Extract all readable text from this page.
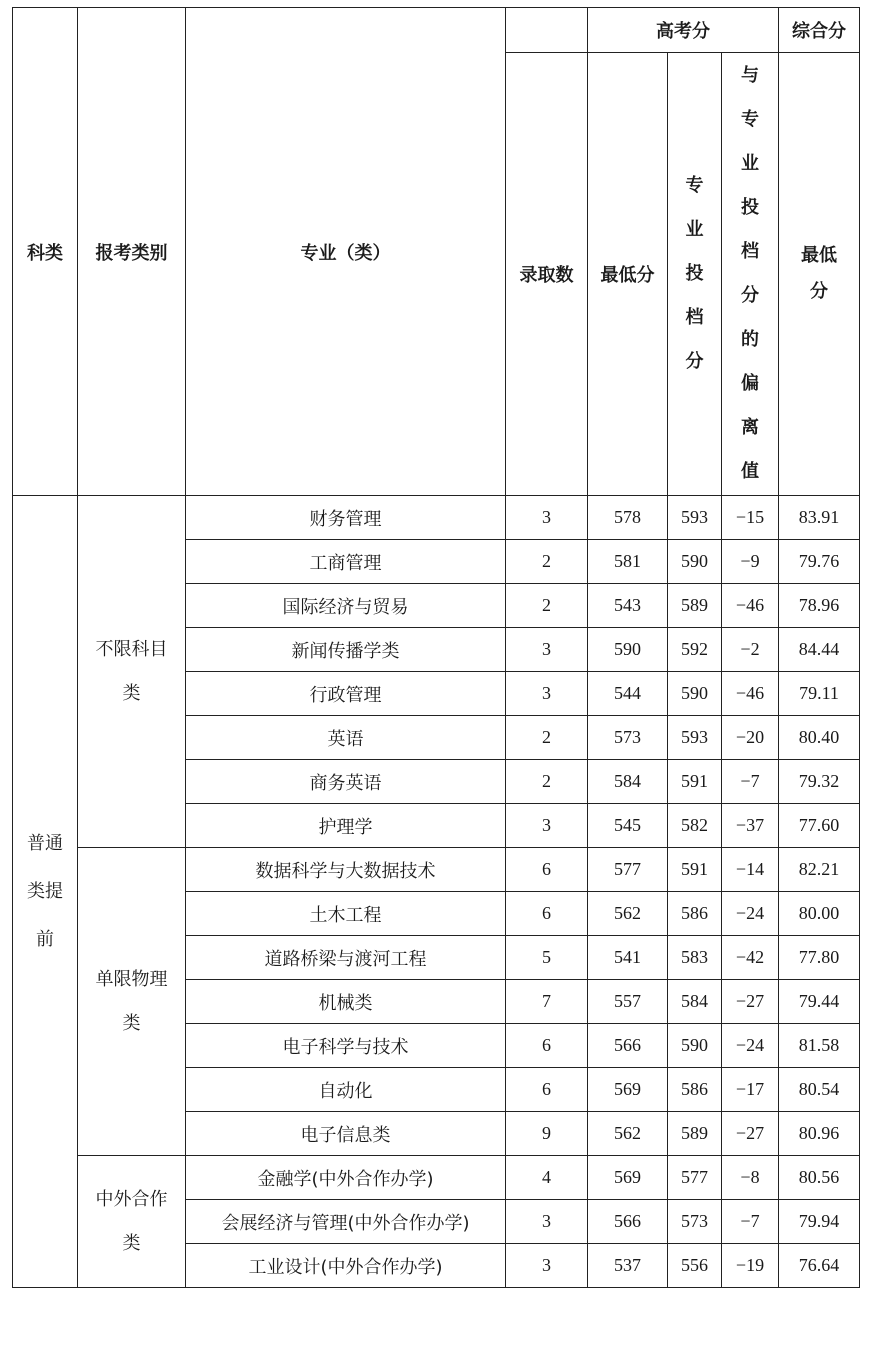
科类	报考类别	专业（类）		高考分			综合分
			录取数	最低分	专业投档分	与专业投档分的偏离值	最低分
普通类提前	不限科目类	财务管理	3	578	593	−15	83.91
		工商管理	2	581	590	−9	79.76
		国际经济与贸易	2	543	589	−46	78.96
		新闻传播学类	3	590	592	−2	84.44
		行政管理	3	544	590	−46	79.11
		英语	2	573	593	−20	80.40
		商务英语	2	584	591	−7	79.32
		护理学	3	545	582	−37	77.60
	单限物理类	数据科学与大数据技术	6	577	591	−14	82.21
		土木工程	6	562	586	−24	80.00
		道路桥梁与渡河工程	5	541	583	−42	77.80
		机械类	7	557	584	−27	79.44
		电子科学与技术	6	566	590	−24	81.58
		自动化	6	569	586	−17	80.54
		电子信息类	9	562	589	−27	80.96
	中外合作类	金融学(中外合作办学)	4	569	577	−8	80.56
		会展经济与管理(中外合作办学)	3	566	573	−7	79.94
		工业设计(中外合作办学)	3	537	556	−19	76.64
